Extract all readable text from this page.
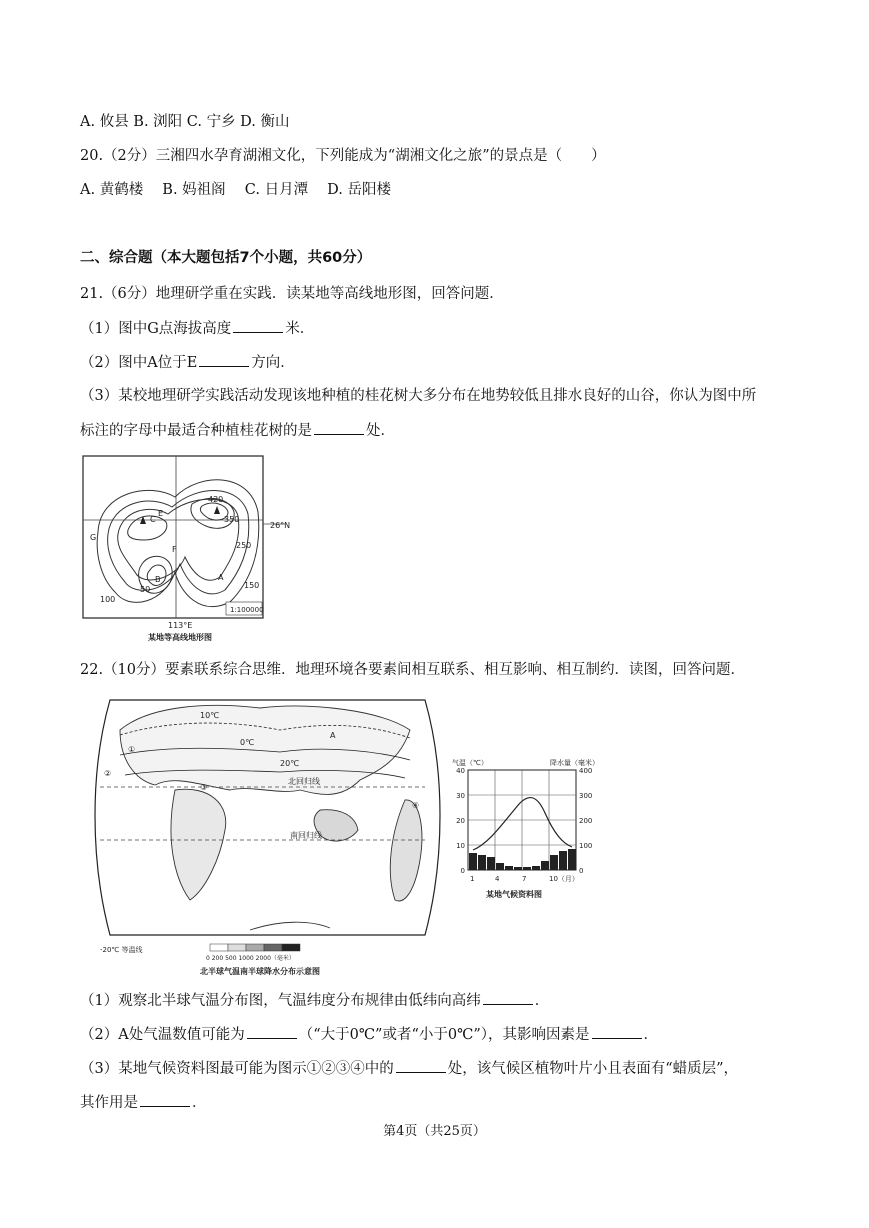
A. 攸县 B. 浏阳 C. 宁乡 D. 衡山
20.（2分）三湘四水孕育湖湘文化，下列能成为“湖湘文化之旅”的景点是（　　）
A. 黄鹤楼　 B. 妈祖阁　 C. 日月潭　 D. 岳阳楼
二、综合题（本大题包括7个小题，共60分）
21.（6分）地理研学重在实践．读某地等高线地形图，回答问题．
（1）图中G点海拔高度	米．
（2）图中A位于E	方向．
（3）某校地理研学实践活动发现该地种植的桂花树大多分布在地势较低且排水良好的山谷，你认为图中所
标注的字母中最适合种植桂花树的是	处．
420
350
250
150
100
50
A
B
C
E
F
G
26°N
113°E
1:100000
某地等高线地形图
22.（10分）要素联系综合思维．地理环境各要素间相互联系、相互影响、相互制约．读图，回答问题．
10℃
0℃
20℃
北回归线
南回归线
②
③
④
①
A
-20℃ 等温线
0 200 500 1000 2000（毫米）
北半球气温南半球降水分布示意图
气温（℃）	降水量（毫米）
40
30
20
10
0
400
300
200
100
0
1	4	7	10（月）
某地气候资料图
（1）观察北半球气温分布图，气温纬度分布规律由低纬向高纬	．
（2）A处气温数值可能为	（“大于0℃”或者“小于0℃”），其影响因素是	．
（3）某地气候资料图最可能为图示①②③④中的	处，该气候区植物叶片小且表面有“蜡质层”，
其作用是	．
第4页（共25页）
